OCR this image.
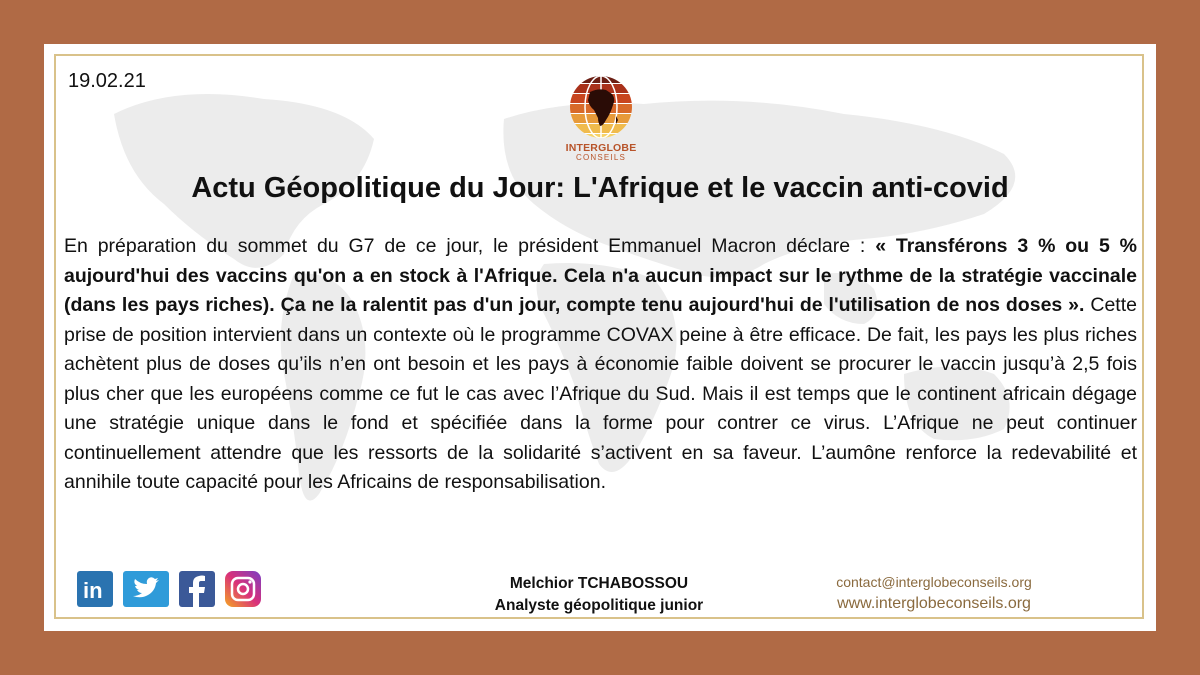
19.02.21
INTERGLOBE
CONSEILS
Actu Géopolitique du Jour: L'Afrique et le vaccin anti-covid
En préparation du sommet du G7 de ce jour, le président Emmanuel Macron déclare : « Transférons 3 % ou 5 % aujourd'hui des vaccins qu'on a en stock à l'Afrique. Cela n'a aucun impact sur le rythme de la stratégie vaccinale (dans les pays riches). Ça ne la ralentit pas d'un jour, compte tenu aujourd'hui de l'utilisation de nos doses ». Cette prise de position intervient dans un contexte où le programme COVAX peine à être efficace. De fait, les pays les plus riches achètent plus de doses qu’ils n’en ont besoin et les pays à économie faible doivent se procurer le vaccin jusqu’à 2,5 fois plus cher que les européens comme ce fut le cas avec l’Afrique du Sud. Mais il est temps que le continent africain dégage une stratégie unique dans le fond et spécifiée dans la forme pour contrer ce virus. L’Afrique ne peut continuer continuellement attendre que les ressorts de la solidarité s’activent en sa faveur. L’aumône renforce la redevabilité et annihile toute capacité pour les Africains de responsabilisation.
in	Melchior TCHABOSSOU
Analyste géopolitique junior
contact@interglobeconseils.org
www.interglobeconseils.org
